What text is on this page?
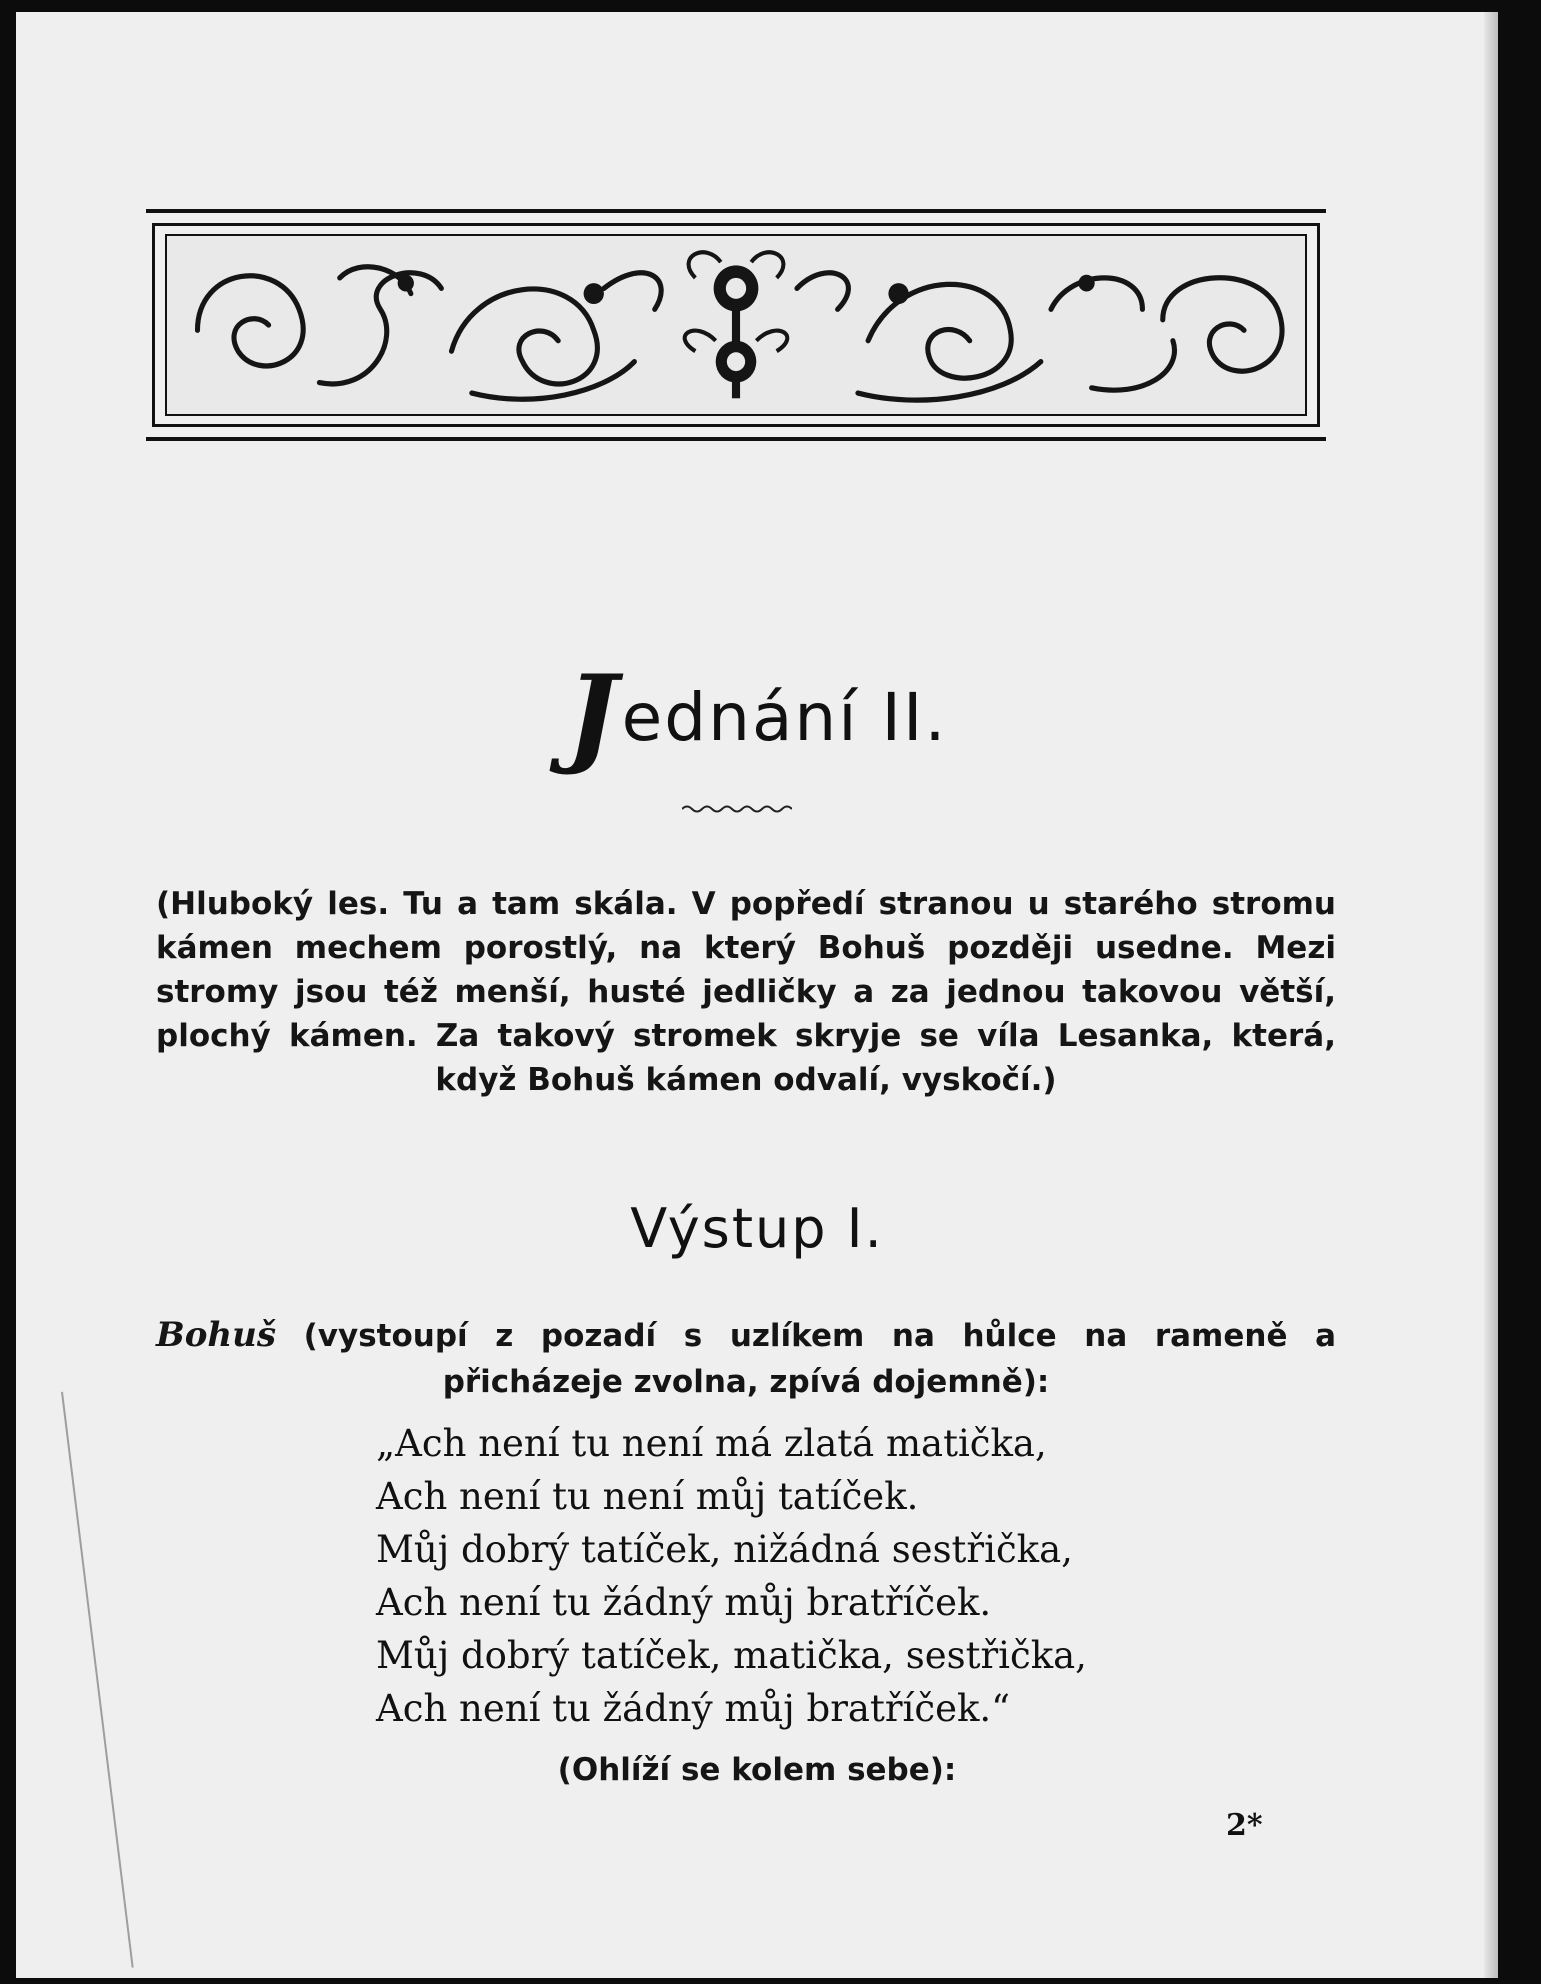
Jednání II.
(Hluboký les. Tu a tam skála. V popředí stranou u starého stromu kámen mechem porostlý, na který Bohuš později usedne. Mezi stromy jsou též menší, husté jedličky a za jednou takovou větší, plochý kámen. Za takový stromek skryje se víla Lesanka, která, když Bohuš kámen odvalí, vyskočí.)
Výstup I.
Bohuš (vystoupí z pozadí s uzlíkem na hůlce na rameně a přicházeje zvolna, zpívá dojemně):
„Ach není tu není má zlatá matička,
Ach není tu není můj tatíček.
Můj dobrý tatíček, nižádná sestřička,
Ach není tu žádný můj bratříček.
Můj dobrý tatíček, matička, sestřička,
Ach není tu žádný můj bratříček.“
(Ohlíží se kolem sebe):
2*
